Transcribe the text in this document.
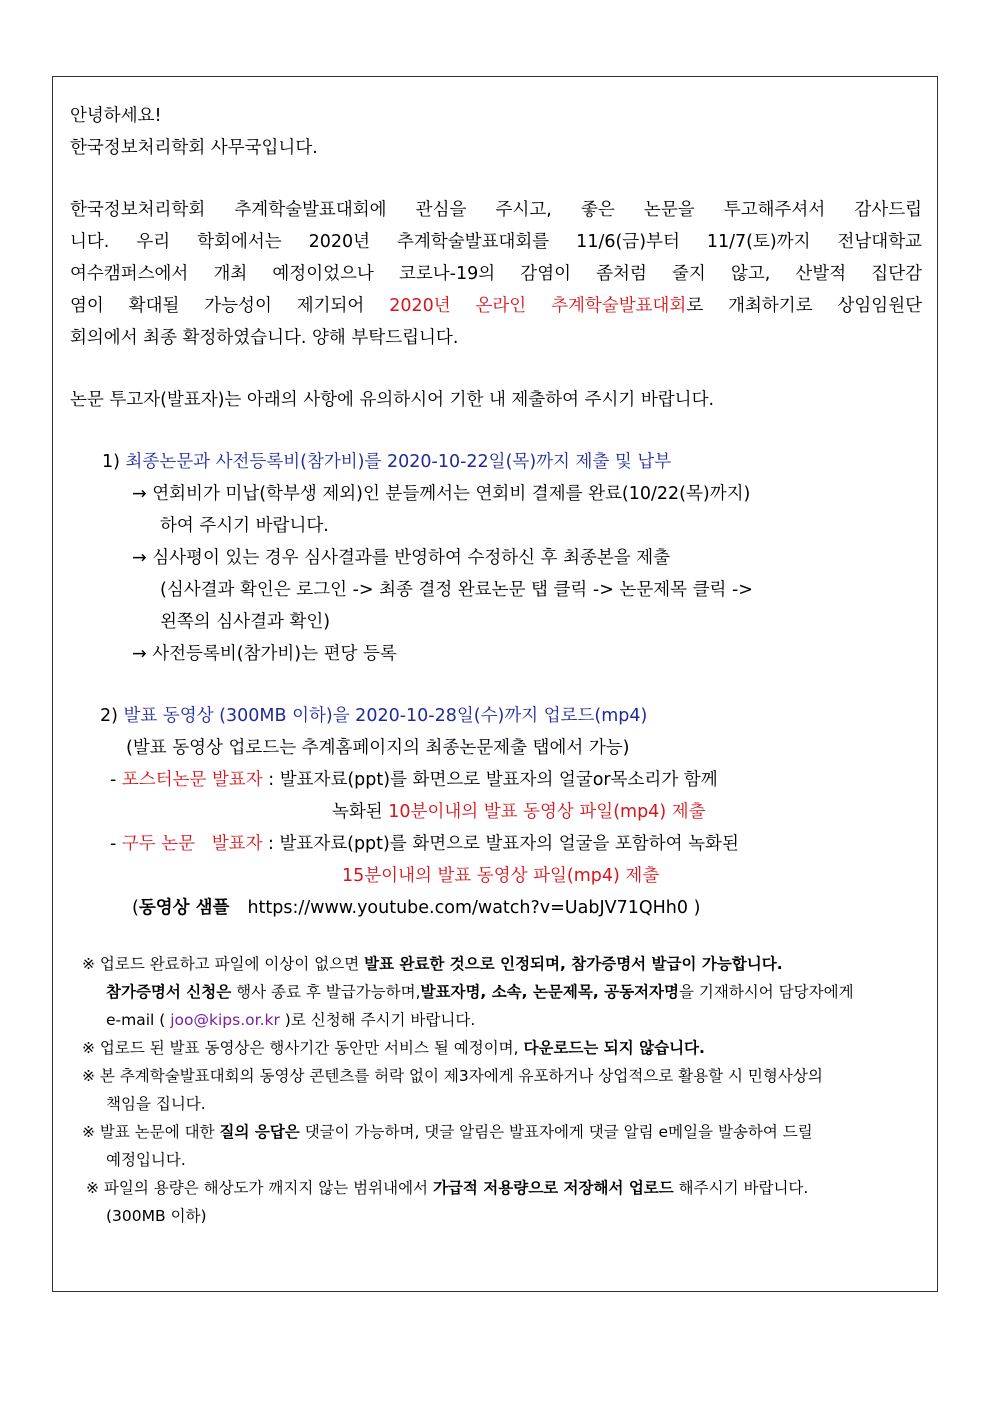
안녕하세요!
한국정보처리학회 사무국입니다.
한국정보처리학회 추계학술발표대회에 관심을 주시고, 좋은 논문을 투고해주셔서 감사드립
니다. 우리 학회에서는 2020년 추계학술발표대회를 11/6(금)부터 11/7(토)까지 전남대학교
여수캠퍼스에서 개최 예정이었으나 코로나-19의 감염이 좀처럼 줄지 않고, 산발적 집단감
염이 확대될 가능성이 제기되어 2020년 온라인 추계학술발표대회로 개최하기로 상임임원단
회의에서 최종 확정하였습니다. 양해 부탁드립니다.
논문 투고자(발표자)는 아래의 사항에 유의하시어 기한 내 제출하여 주시기 바랍니다.
1) 최종논문과 사전등록비(참가비)를 2020-10-22일(목)까지 제출 및 납부
→ 연회비가 미납(학부생 제외)인 분들께서는 연회비 결제를 완료(10/22(목)까지)
하여 주시기 바랍니다.
→ 심사평이 있는 경우 심사결과를 반영하여 수정하신 후 최종본을 제출
(심사결과 확인은 로그인 -> 최종 결정 완료논문 탭 클릭 -> 논문제목 클릭 ->
왼쪽의 심사결과 확인)
→ 사전등록비(참가비)는 편당 등록
2) 발표 동영상 (300MB 이하)을 2020-10-28일(수)까지 업로드(mp4)
(발표 동영상 업로드는 추계홈페이지의 최종논문제출 탭에서 가능)
- 포스터논문 발표자 : 발표자료(ppt)를 화면으로 발표자의 얼굴or목소리가 함께
녹화된 10분이내의 발표 동영상 파일(mp4) 제출
- 구두 논문   발표자 : 발표자료(ppt)를 화면으로 발표자의 얼굴을 포함하여 녹화된
15분이내의 발표 동영상 파일(mp4) 제출
(동영상 샘플 https://www.youtube.com/watch?v=UabJV71QHh0 )
※ 업로드 완료하고 파일에 이상이 없으면 발표 완료한 것으로 인정되며, 참가증명서 발급이 가능합니다.
참가증명서 신청은 행사 종료 후 발급가능하며,발표자명, 소속, 논문제목, 공동저자명을 기재하시어 담당자에게
e-mail ( joo@kips.or.kr )로 신청해 주시기 바랍니다.
※ 업로드 된 발표 동영상은 행사기간 동안만 서비스 될 예정이며, 다운로드는 되지 않습니다.
※ 본 추계학술발표대회의 동영상 콘텐츠를 허락 없이 제3자에게 유포하거나 상업적으로 활용할 시 민형사상의
책임을 집니다.
※ 발표 논문에 대한 질의 응답은 댓글이 가능하며, 댓글 알림은 발표자에게 댓글 알림 e메일을 발송하여 드릴
예정입니다.
※ 파일의 용량은 해상도가 깨지지 않는 범위내에서 가급적 저용량으로 저장해서 업로드 해주시기 바랍니다.
(300MB 이하)
